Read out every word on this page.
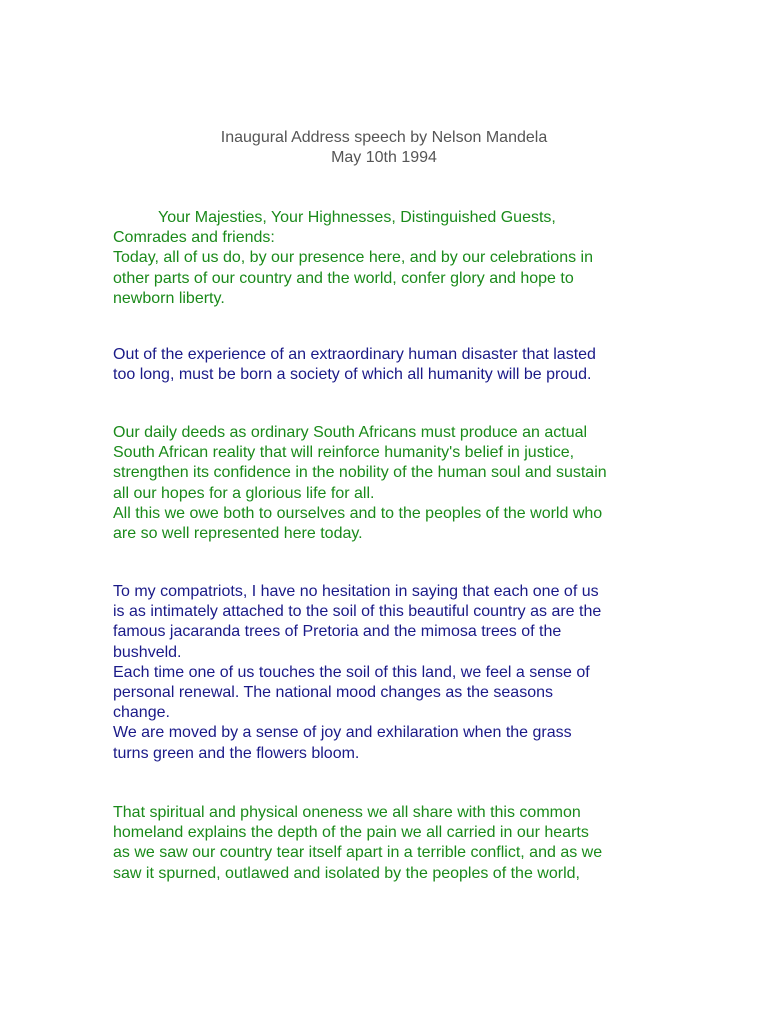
Inaugural Address speech by Nelson Mandela
May 10th 1994
Your Majesties, Your Highnesses, Distinguished Guests,
Comrades and friends:
Today, all of us do, by our presence here, and by our celebrations in
other parts of our country and the world, confer glory and hope to
newborn liberty.
Out of the experience of an extraordinary human disaster that lasted
too long, must be born a society of which all humanity will be proud.
Our daily deeds as ordinary South Africans must produce an actual
South African reality that will reinforce humanity's belief in justice,
strengthen its confidence in the nobility of the human soul and sustain
all our hopes for a glorious life for all.
All this we owe both to ourselves and to the peoples of the world who
are so well represented here today.
To my compatriots, I have no hesitation in saying that each one of us
is as intimately attached to the soil of this beautiful country as are the
famous jacaranda trees of Pretoria and the mimosa trees of the
bushveld.
Each time one of us touches the soil of this land, we feel a sense of
personal renewal. The national mood changes as the seasons
change.
We are moved by a sense of joy and exhilaration when the grass
turns green and the flowers bloom.
That spiritual and physical oneness we all share with this common
homeland explains the depth of the pain we all carried in our hearts
as we saw our country tear itself apart in a terrible conflict, and as we
saw it spurned, outlawed and isolated by the peoples of the world,
